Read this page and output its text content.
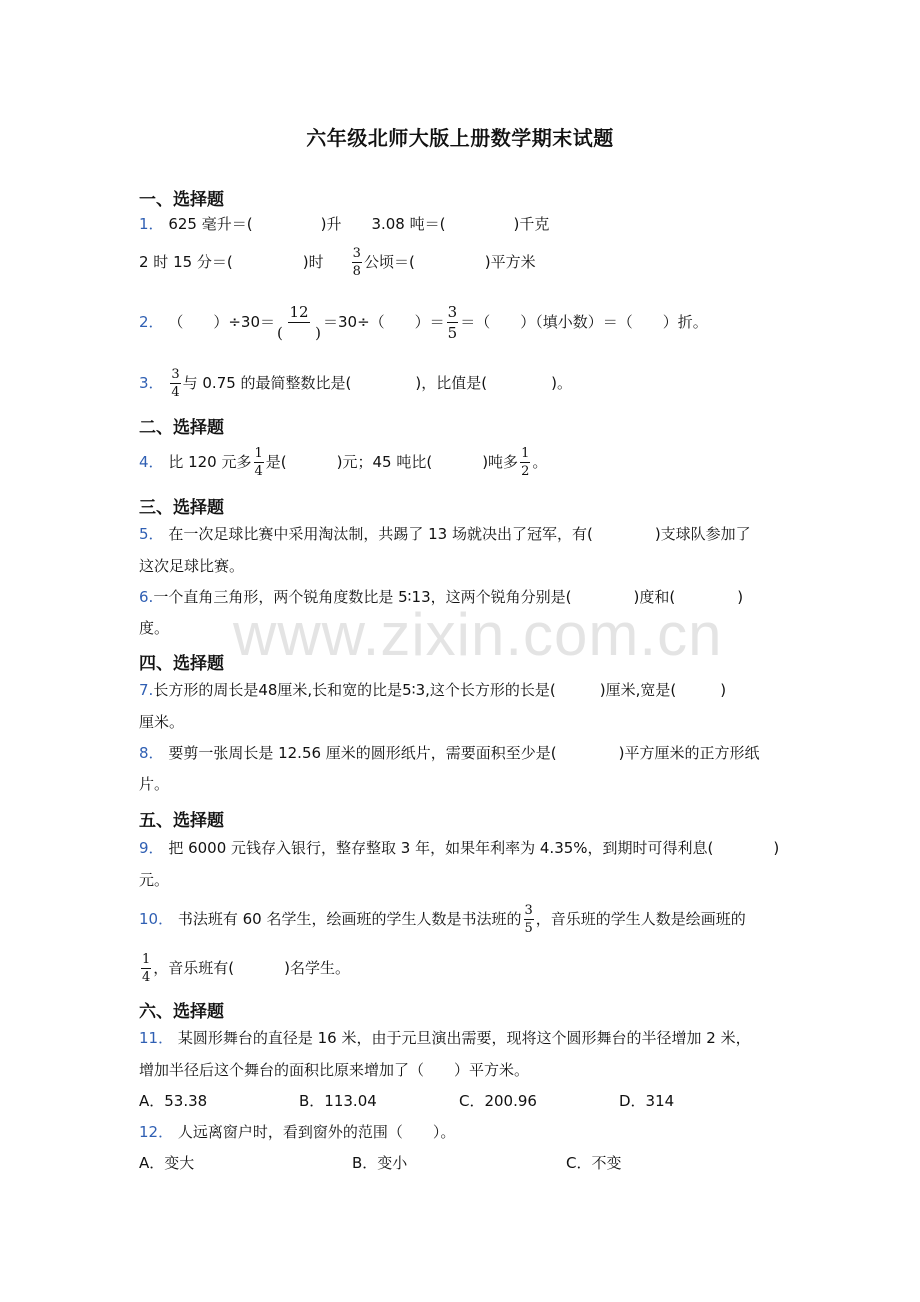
www.zixin.com.cn
六年级北师大版上册数学期末试题
一、选择题
1． 625 毫升＝(	)升 3.08 吨＝(	)千克
2 时 15 分＝(	)时 $\frac{3}{8}$ 公顷＝(	)平方米
2． （　　）$\div 30= \frac{12}{( )} =30\div$（　　）＝ $\frac{3}{5}$ ＝（　　）（填小数）＝（　　）折。
3． $\frac{3}{4}$ 与 0.75 的最简整数比是(	)，比值是(	)。
二、选择题
4． 比 120 元多 $\frac{1}{4}$ 是(	)元；45 吨比(	)吨多 $\frac{1}{2}$ 。
三、选择题
5． 在一次足球比赛中采用淘汰制，共踢了 13 场就决出了冠军，有(	)支球队参加了
这次足球比赛。
6.一个直角三角形，两个锐角度数比是 5∶13，这两个锐角分别是(	)度和(	)
度。
四、选择题
7.长方形的周长是48厘米,长和宽的比是5∶3,这个长方形的长是(	)厘米,宽是(	)
厘米。
8． 要剪一张周长是 12.56 厘米的圆形纸片，需要面积至少是(	)平方厘米的正方形纸
片。
五、选择题
9． 把 6000 元钱存入银行，整存整取 3 年，如果年利率为 4.35%，到期时可得利息(	)
元。
10． 书法班有 60 名学生，绘画班的学生人数是书法班的 $\frac{3}{5}$ ，音乐班的学生人数是绘画班的
$\frac{1}{4}$ ，音乐班有(	)名学生。
六、选择题
11． 某圆形舞台的直径是 16 米，由于元旦演出需要，现将这个圆形舞台的半径增加 2 米，
增加半径后这个舞台的面积比原来增加了（　　）平方米。
A．53.38	B．113.04	C．200.96	D．314
12． 人远离窗户时，看到窗外的范围（　　）。
A．变大	B．变小	C．不变
